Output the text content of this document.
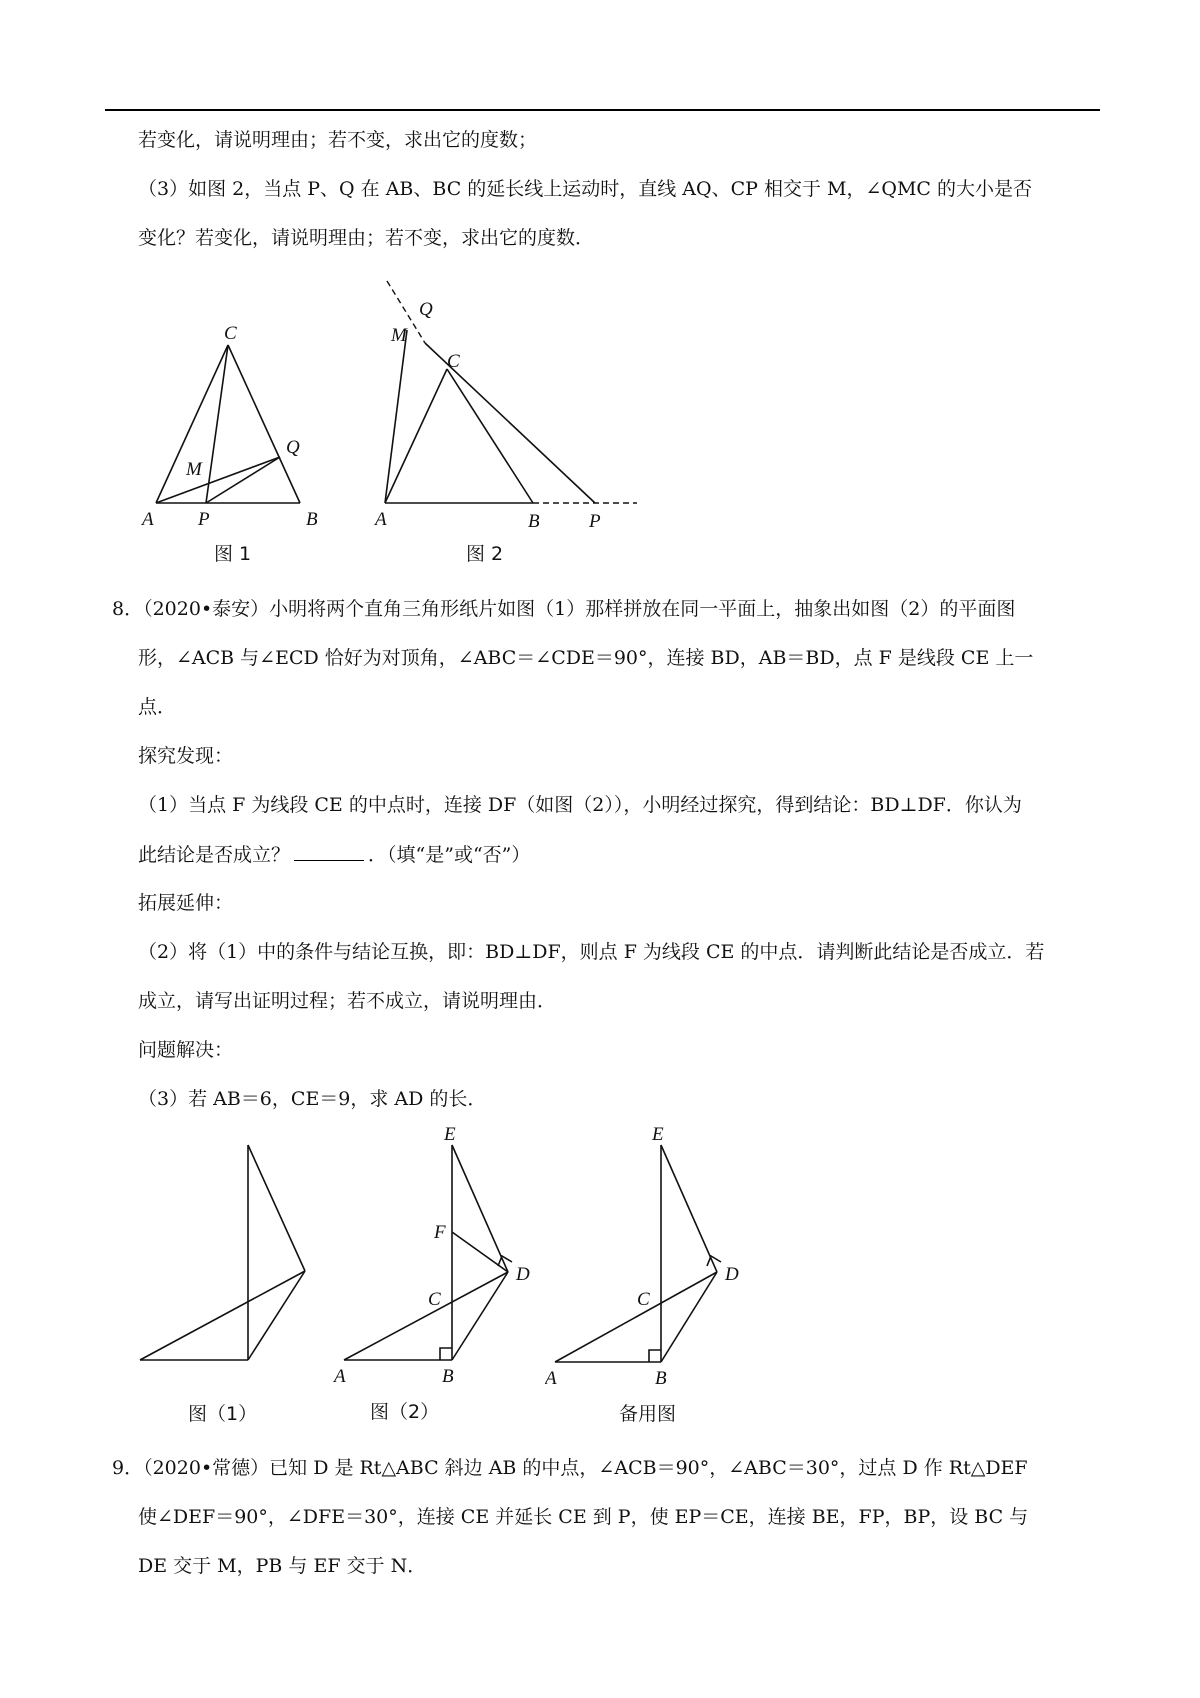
若变化，请说明理由；若不变，求出它的度数；
（3）如图 2，当点 P、Q 在 AB、BC 的延长线上运动时，直线 AQ、CP 相交于 M，∠QMC 的大小是否
变化？若变化，请说明理由；若不变，求出它的度数．
C
Q
M
A P	B
图 1
Q
M
C
A	B	P
图 2
8．（2020•泰安）小明将两个直角三角形纸片如图（1）那样拼放在同一平面上，抽象出如图（2）的平面图
形，∠ACB 与∠ECD 恰好为对顶角，∠ABC＝∠CDE＝90°，连接 BD，AB＝BD，点 F 是线段 CE 上一
点．
探究发现：
（1）当点 F 为线段 CE 的中点时，连接 DF（如图（2）），小明经过探究，得到结论：BD⊥DF．你认为
此结论是否成立？	．（填“是”或“否”）
拓展延伸：
（2）将（1）中的条件与结论互换，即：BD⊥DF，则点 F 为线段 CE 的中点．请判断此结论是否成立．若
成立，请写出证明过程；若不成立，请说明理由．
问题解决：
（3）若 AB＝6，CE＝9，求 AD 的长．
图（1）
E
F
C
D
A	B
图（2）
E
C
D
A	B
备用图
9．（2020•常德）已知 D 是 Rt△ABC 斜边 AB 的中点，∠ACB＝90°，∠ABC＝30°，过点 D 作 Rt△DEF
使∠DEF＝90°，∠DFE＝30°，连接 CE 并延长 CE 到 P，使 EP＝CE，连接 BE，FP，BP，设 BC 与
DE 交于 M，PB 与 EF 交于 N．
